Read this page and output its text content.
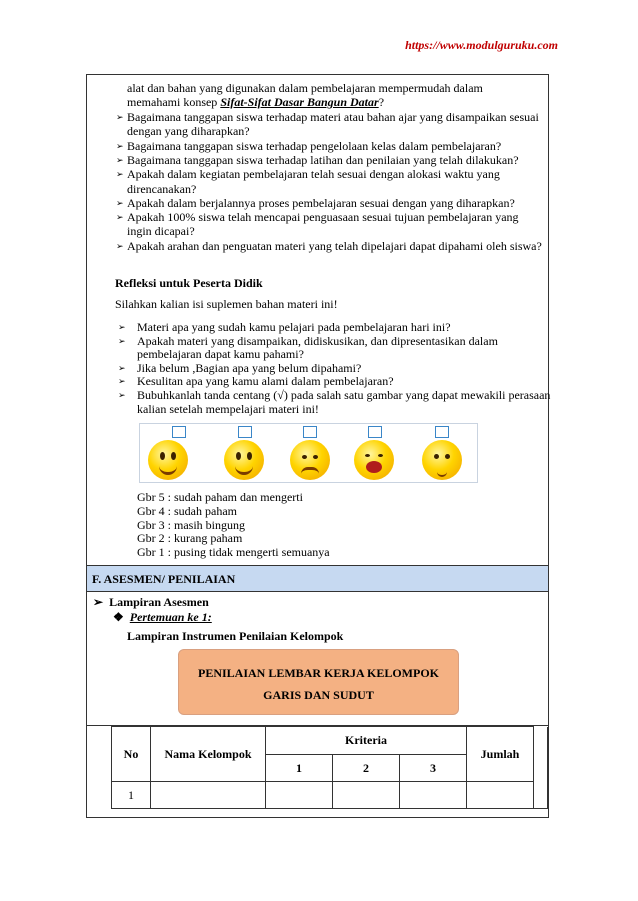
https://www.modulguruku.com
alat dan bahan yang digunakan dalam pembelajaran mempermudah dalam
memahami konsep Sifat-Sifat Dasar Bangun Datar?
➢ Bagaimana tanggapan siswa terhadap materi atau bahan ajar yang disampaikan sesuai
dengan yang diharapkan?
➢ Bagaimana tanggapan siswa terhadap pengelolaan kelas dalam pembelajaran?
➢ Bagaimana tanggapan siswa terhadap latihan dan penilaian yang telah dilakukan?
➢ Apakah dalam kegiatan pembelajaran telah sesuai dengan alokasi waktu yang
direncanakan?
➢ Apakah dalam berjalannya proses pembelajaran sesuai dengan yang diharapkan?
➢ Apakah 100% siswa telah mencapai penguasaan sesuai tujuan pembelajaran yang
ingin dicapai?
➢ Apakah arahan dan penguatan materi yang telah dipelajari dapat dipahami oleh siswa?
Refleksi untuk Peserta Didik
Silahkan kalian isi suplemen bahan materi ini!
➢ Materi apa yang sudah kamu pelajari pada pembelajaran hari ini?
➢ Apakah materi yang disampaikan, didiskusikan, dan dipresentasikan dalam
pembelajaran dapat kamu pahami?
➢ Jika belum ,Bagian apa yang belum dipahami?
➢ Kesulitan apa yang kamu alami dalam pembelajaran?
➢ Bubuhkanlah tanda centang (√) pada salah satu gambar yang dapat mewakili perasaan
kalian setelah mempelajari materi ini!
Gbr 5 : sudah paham dan mengerti
Gbr 4 : sudah paham
Gbr 3 : masih bingung
Gbr 2 : kurang paham
Gbr 1 : pusing tidak mengerti semuanya
F. ASESMEN/ PENILAIAN
➢ Lampiran Asesmen
❖ Pertemuan ke 1:
Lampiran Instrumen Penilaian Kelompok
PENILAIAN LEMBAR KERJA KELOMPOK
GARIS DAN SUDUT
No	Nama Kelompok	Kriteria			Jumlah	
		1	2	3		
1						
